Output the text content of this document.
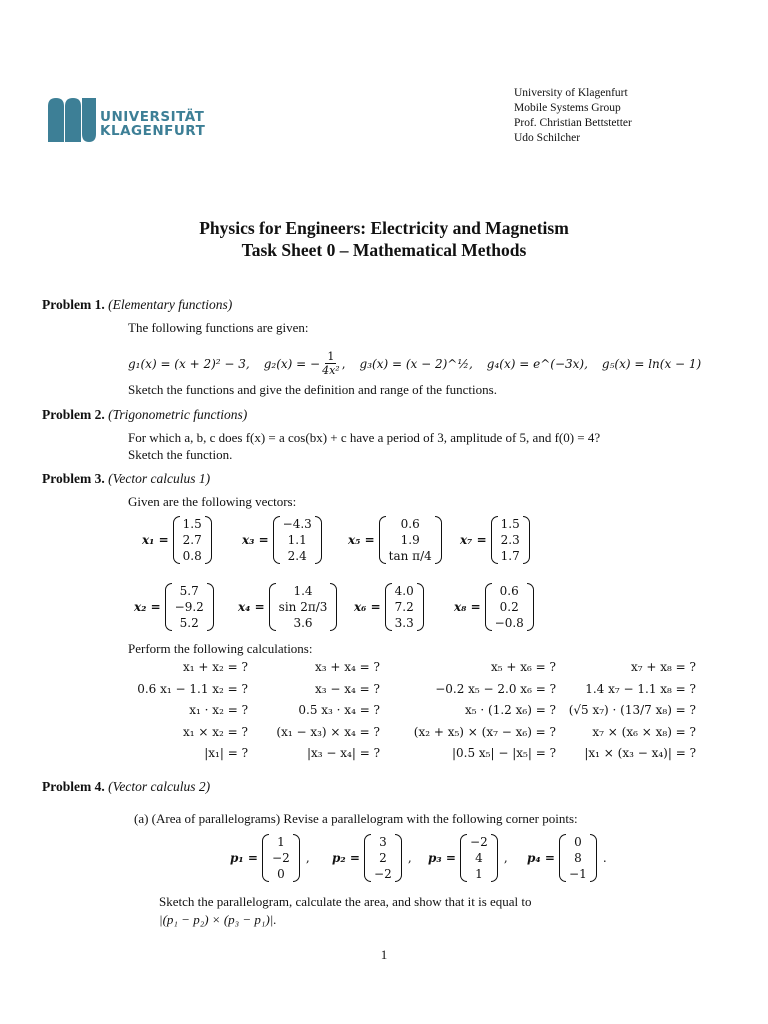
UNIVERSITÄT
KLAGENFURT
University of Klagenfurt
Mobile Systems Group
Prof. Christian Bettstetter
Udo Schilcher
Physics for Engineers: Electricity and Magnetism
Task Sheet 0 – Mathematical Methods
Problem 1. (Elementary functions)
The following functions are given:
g₁(x) = (x + 2)² − 3, g₂(x) = − $\frac{1}{\text{4x²}}$ , g₃(x) = (x − 2)^½, g₄(x) = e^(−3x), g₅(x) = ln(x − 1)
Sketch the functions and give the definition and range of the functions.
Problem 2. (Trigonometric functions)
For which a, b, c does f(x) = a cos(bx) + c have a period of 3, amplitude of 5, and f(0) = 4?
Sketch the function.
Problem 3. (Vector calculus 1)
Given are the following vectors:
x₁ =
1.5
2.7
0.8
x₃ =
−4.3
1.1
2.4
x₅ =
0.6
1.9
tan π/4
x₇ =
1.5
2.3
1.7
x₂ =
5.7
−9.2
5.2
x₄ =
1.4
sin 2π/3
3.6
x₆ =
4.0
7.2
3.3
x₈ =
0.6
0.2
−0.8
Perform the following calculations:
x₁ + x₂ = ?
0.6 x₁ − 1.1 x₂ = ?
x₁ · x₂ = ?
x₁ × x₂ = ?
|x₁| = ?
x₃ + x₄ = ?
x₃ − x₄ = ?
0.5 x₃ · x₄ = ?
(x₁ − x₃) × x₄ = ?
|x₃ − x₄| = ?
x₅ + x₆ = ?
−0.2 x₅ − 2.0 x₆ = ?
x₅ · (1.2 x₆) = ?
(x₂ + x₅) × (x₇ − x₆) = ?
|0.5 x₅| − |x₅| = ?
x₇ + x₈ = ?
1.4 x₇ − 1.1 x₈ = ?
(√5 x₇) · (13/7 x₈) = ?
x₇ × (x₆ × x₈) = ?
|x₁ × (x₃ − x₄)| = ?
Problem 4. (Vector calculus 2)
(a) (Area of parallelograms) Revise a parallelogram with the following corner points:
p₁ =
1
−2
0
, p₂ =
3
2
−2
, p₃ =
−2
4
1
, p₄ =
0
8
−1
.
Sketch the parallelogram, calculate the area, and show that it is equal to
|(p₁ − p₂) × (p₃ − p₁)|.
1
